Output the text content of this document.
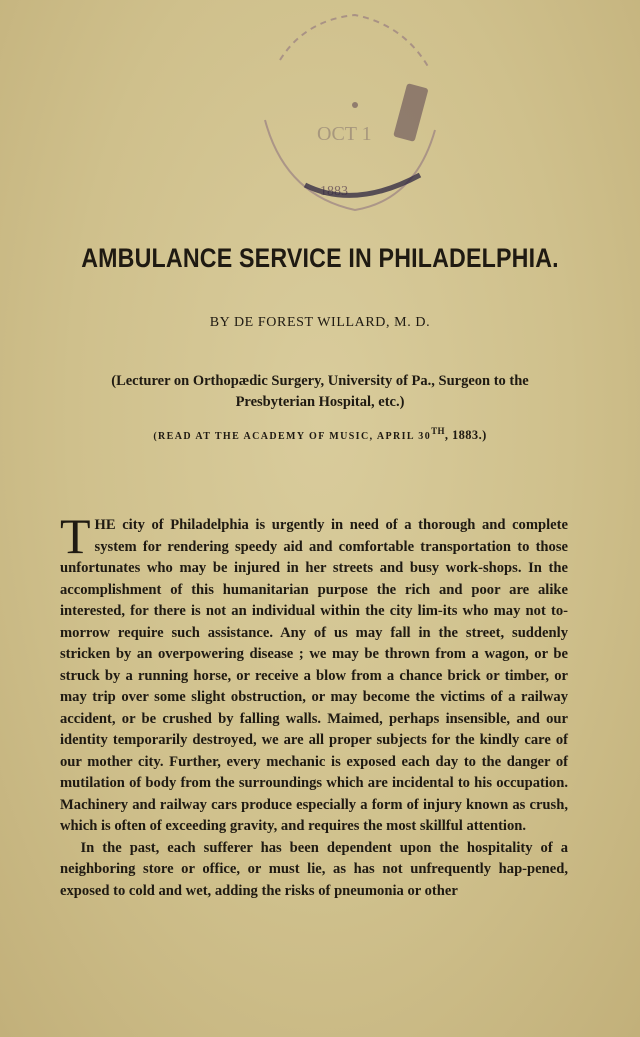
OCT 1
1883
AMBULANCE SERVICE IN PHILADELPHIA.
BY DE FOREST WILLARD, M. D.
(Lecturer on Orthopædic Surgery, University of Pa., Surgeon to the
Presbyterian Hospital, etc.)
(READ AT THE ACADEMY OF MUSIC, APRIL 30TH, 1883.)

THE city of Philadelphia is urgently in need of a thorough and complete system for rendering speedy aid and comfortable transportation to those unfortunates who may be injured in her streets and busy work-shops. In the accomplishment of this humanitarian purpose the rich and poor are alike interested, for there is not an individual within the city lim-its who may not to-morrow require such assistance. Any of us may fall in the street, suddenly stricken by an overpowering disease ; we may be thrown from a wagon, or be struck by a running horse, or receive a blow from a chance brick or timber, or may trip over some slight obstruction, or may become the victims of a railway accident, or be crushed by falling walls. Maimed, perhaps insensible, and our identity temporarily destroyed, we are all proper subjects for the kindly care of our mother city. Further, every mechanic is exposed each day to the danger of mutilation of body from the surroundings which are incidental to his occupation. Machinery and railway cars produce especially a form of injury known as crush, which is often of exceeding gravity, and requires the most skillful attention.

In the past, each sufferer has been dependent upon the hospitality of a neighboring store or office, or must lie, as has not unfrequently hap-pened, exposed to cold and wet, adding the risks of pneumonia or other
